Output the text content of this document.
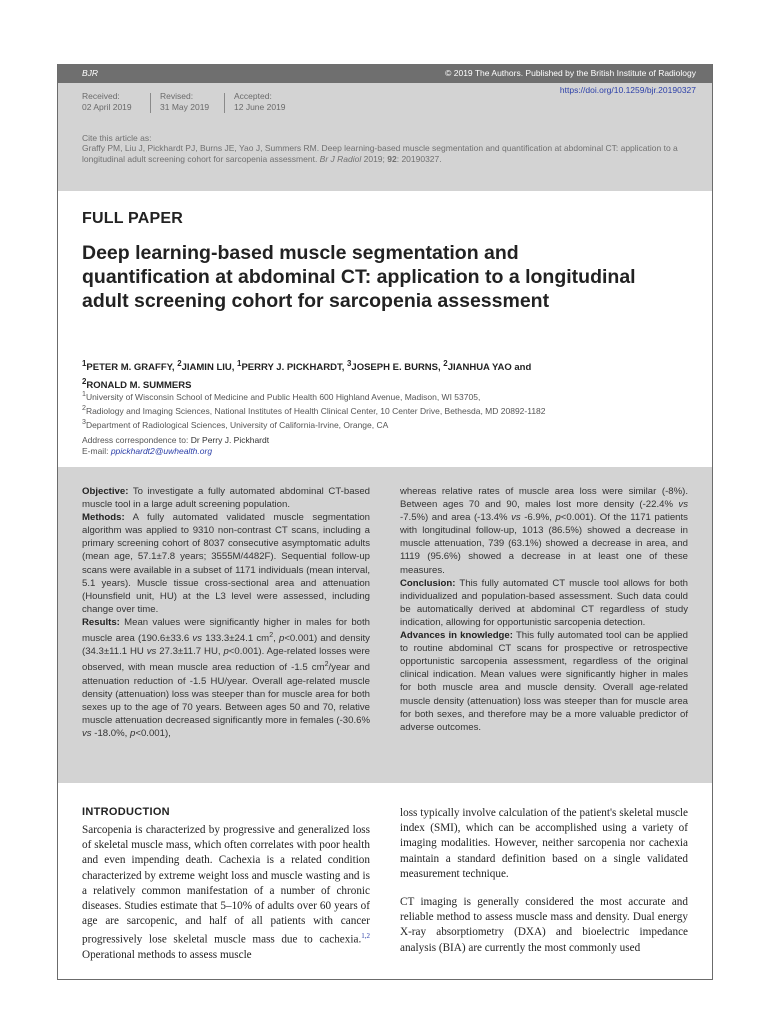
BJR	© 2019 The Authors. Published by the British Institute of Radiology
Received:
02 April 2019
Revised:
31 May 2019
Accepted:
12 June 2019
https://doi.org/10.1259/bjr.20190327
Cite this article as:
Graffy PM, Liu J, Pickhardt PJ, Burns JE, Yao J, Summers RM. Deep learning-based muscle segmentation and quantification at abdominal CT: application to a longitudinal adult screening cohort for sarcopenia assessment. Br J Radiol 2019; 92: 20190327.
FULL PAPER
Deep learning-based muscle segmentation and quantification at abdominal CT: application to a longitudinal adult screening cohort for sarcopenia assessment
$^1$PETER M. GRAFFY, $^2$JIAMIN LIU, $^1$PERRY J. PICKHARDT, $^3$JOSEPH E. BURNS, $^2$JIANHUA YAO and
$^2$RONALD M. SUMMERS
$^1$University of Wisconsin School of Medicine and Public Health 600 Highland Avenue, Madison, WI 53705,
$^2$Radiology and Imaging Sciences, National Institutes of Health Clinical Center, 10 Center Drive, Bethesda, MD 20892-1182
$^3$Department of Radiological Sciences, University of California-Irvine, Orange, CA
Address correspondence to: Dr Perry J. Pickhardt
E-mail: ppickhardt2@uwhealth.org

Objective: To investigate a fully automated abdominal CT-based muscle tool in a large adult screening population.

Methods: A fully automated validated muscle segmentation algorithm was applied to 9310 non-contrast CT scans, including a primary screening cohort of 8037 consecutive asymptomatic adults (mean age, 57.1±7.8 years; 3555M/4482F). Sequential follow-up scans were available in a subset of 1171 individuals (mean interval, 5.1 years). Muscle tissue cross-sectional area and attenuation (Hounsfield unit, HU) at the L3 level were assessed, including change over time.

Results: Mean values were significantly higher in males for both muscle area (190.6±33.6 vs 133.3±24.1 $cm^2$, p<0.001) and density (34.3±11.1 HU vs 27.3±11.7 HU, p<0.001). Age-related losses were observed, with mean muscle area reduction of -1.5 $cm^2$/year and attenuation reduction of -1.5 HU/year. Overall age-related muscle density (attenuation) loss was steeper than for muscle area for both sexes up to the age of 70 years. Between ages 50 and 70, relative muscle attenuation decreased significantly more in females (-30.6% vs -18.0%, p<0.001),

whereas relative rates of muscle area loss were similar (-8%). Between ages 70 and 90, males lost more density (-22.4% vs -7.5%) and area (-13.4% vs -6.9%, p<0.001). Of the 1171 patients with longitudinal follow-up, 1013 (86.5%) showed a decrease in muscle attenuation, 739 (63.1%) showed a decrease in area, and 1119 (95.6%) showed a decrease in at least one of these measures.

Conclusion: This fully automated CT muscle tool allows for both individualized and population-based assessment. Such data could be automatically derived at abdominal CT regardless of study indication, allowing for opportunistic sarcopenia detection.

Advances in knowledge: This fully automated tool can be applied to routine abdominal CT scans for prospective or retrospective opportunistic sarcopenia assessment, regardless of the original clinical indication. Mean values were significantly higher in males for both muscle area and muscle density. Overall age-related muscle density (attenuation) loss was steeper than for muscle area for both sexes, and therefore may be a more valuable predictor of adverse outcomes.

INTRODUCTION

Sarcopenia is characterized by progressive and generalized loss of skeletal muscle mass, which often correlates with poor health and even impending death. Cachexia is a related condition characterized by extreme weight loss and muscle wasting and is a relatively common manifestation of a number of chronic diseases. Studies estimate that 5–10% of adults over 60 years of age are sarcopenic, and half of all patients with cancer progressively lose skeletal muscle mass due to cachexia.$^{1,2}$ Operational methods to assess muscle

loss typically involve calculation of the patient's skeletal muscle index (SMI), which can be accomplished using a variety of imaging modalities. However, neither sarcopenia nor cachexia maintain a standard definition based on a single validated measurement technique.

CT imaging is generally considered the most accurate and reliable method to assess muscle mass and density. Dual energy X-ray absorptiometry (DXA) and bioelectric impedance analysis (BIA) are currently the most commonly used
